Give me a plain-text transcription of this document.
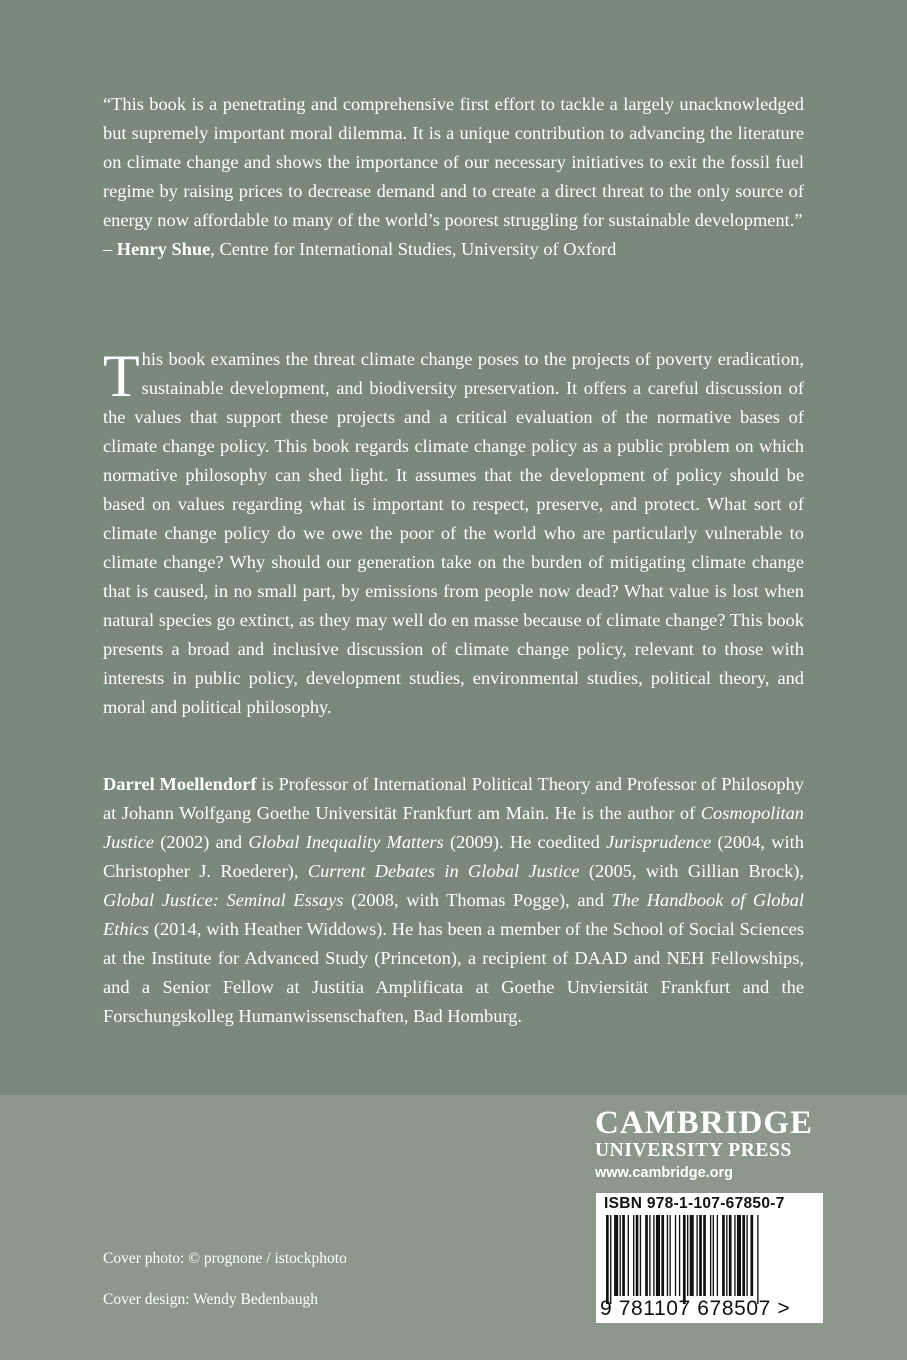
“This book is a penetrating and comprehensive first effort to tackle a largely unacknowledged but supremely important moral dilemma. It is a unique contribution to advancing the literature on climate change and shows the importance of our necessary initiatives to exit the fossil fuel regime by raising prices to decrease demand and to create a direct threat to the only source of energy now affordable to many of the world’s poorest struggling for sustainable development.”

– Henry Shue, Centre for International Studies, University of Oxford

This book examines the threat climate change poses to the projects of poverty eradication, sustainable development, and biodiversity preservation. It offers a careful discussion of the values that support these projects and a critical evaluation of the normative bases of climate change policy. This book regards climate change policy as a public problem on which normative philosophy can shed light. It assumes that the development of policy should be based on values regarding what is important to respect, preserve, and protect. What sort of climate change policy do we owe the poor of the world who are particularly vulnerable to climate change? Why should our generation take on the burden of mitigating climate change that is caused, in no small part, by emissions from people now dead? What value is lost when natural species go extinct, as they may well do en masse because of climate change? This book presents a broad and inclusive discussion of climate change policy, relevant to those with interests in public policy, development studies, environmental studies, political theory, and moral and political philosophy.

Darrel Moellendorf is Professor of International Political Theory and Professor of Philosophy at Johann Wolfgang Goethe Universität Frankfurt am Main. He is the author of Cosmopolitan Justice (2002) and Global Inequality Matters (2009). He coedited Jurisprudence (2004, with Christopher J. Roederer), Current Debates in Global Justice (2005, with Gillian Brock), Global Justice: Seminal Essays (2008, with Thomas Pogge), and The Handbook of Global Ethics (2014, with Heather Widdows). He has been a member of the School of Social Sciences at the Institute for Advanced Study (Princeton), a recipient of DAAD and NEH Fellowships, and a Senior Fellow at Justitia Amplificata at Goethe Unviersität Frankfurt and the Forschungskolleg Humanwissenschaften, Bad Homburg.

CAMBRIDGE
UNIVERSITY PRESS
www.cambridge.org
ISBN 978-1-107-67850-7
9 781107 678507 >
Cover photo: © prognone / istockphoto
Cover design: Wendy Bedenbaugh
